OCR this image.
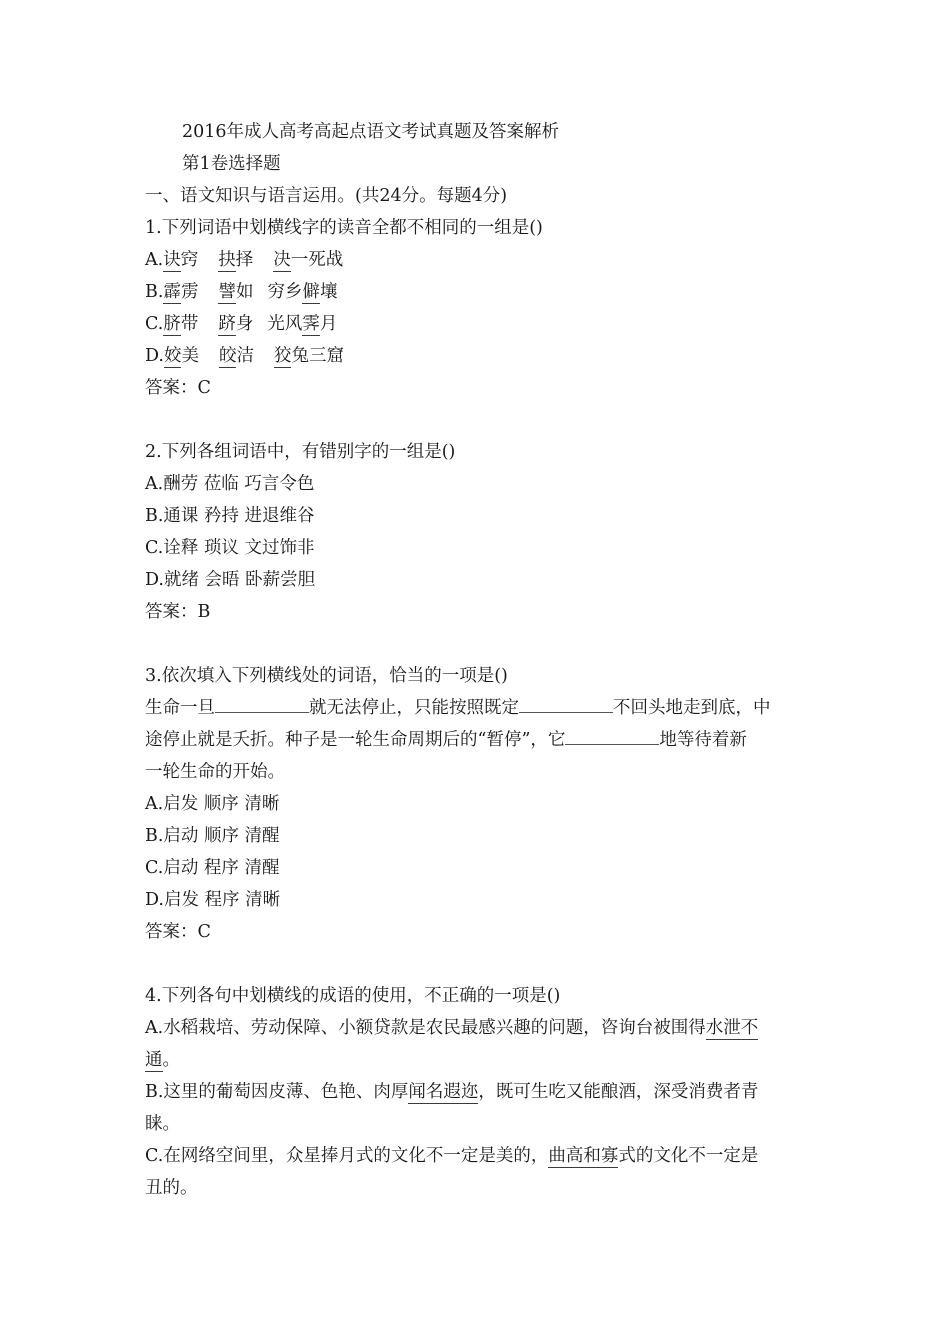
2016年成人高考高起点语文考试真题及答案解析
第1卷选择题
一、语文知识与语言运用。(共24分。每题4分)
1.下列词语中划横线字的读音全都不相同的一组是()
A.诀窍 抉择 决一死战
B.霹雳 譬如 穷乡僻壤
C.脐带 跻身 光风霁月
D.姣美 皎洁 狡兔三窟
答案：C
2.下列各组词语中，有错别字的一组是()
A.酬劳 莅临 巧言令色
B.通课 矜持 进退维谷
C.诠释 琐议 文过饰非
D.就绪 会晤 卧薪尝胆
答案：B
3.依次填入下列横线处的词语，恰当的一项是()
生命一旦	就无法停止，只能按照既定	不回头地走到底，中
途停止就是夭折。种子是一轮生命周期后的“暂停”，它	地等待着新
一轮生命的开始。
A.启发 顺序 清晰
B.启动 顺序 清醒
C.启动 程序 清醒
D.启发 程序 清晰
答案：C
4.下列各句中划横线的成语的使用，不正确的一项是()
A.水稻栽培、劳动保障、小额贷款是农民最感兴趣的问题，咨询台被围得水泄不
通。
B.这里的葡萄因皮薄、色艳、肉厚闻名遐迩，既可生吃又能酿酒，深受消费者青
睐。
C.在网络空间里，众星捧月式的文化不一定是美的，曲高和寡式的文化不一定是
丑的。
